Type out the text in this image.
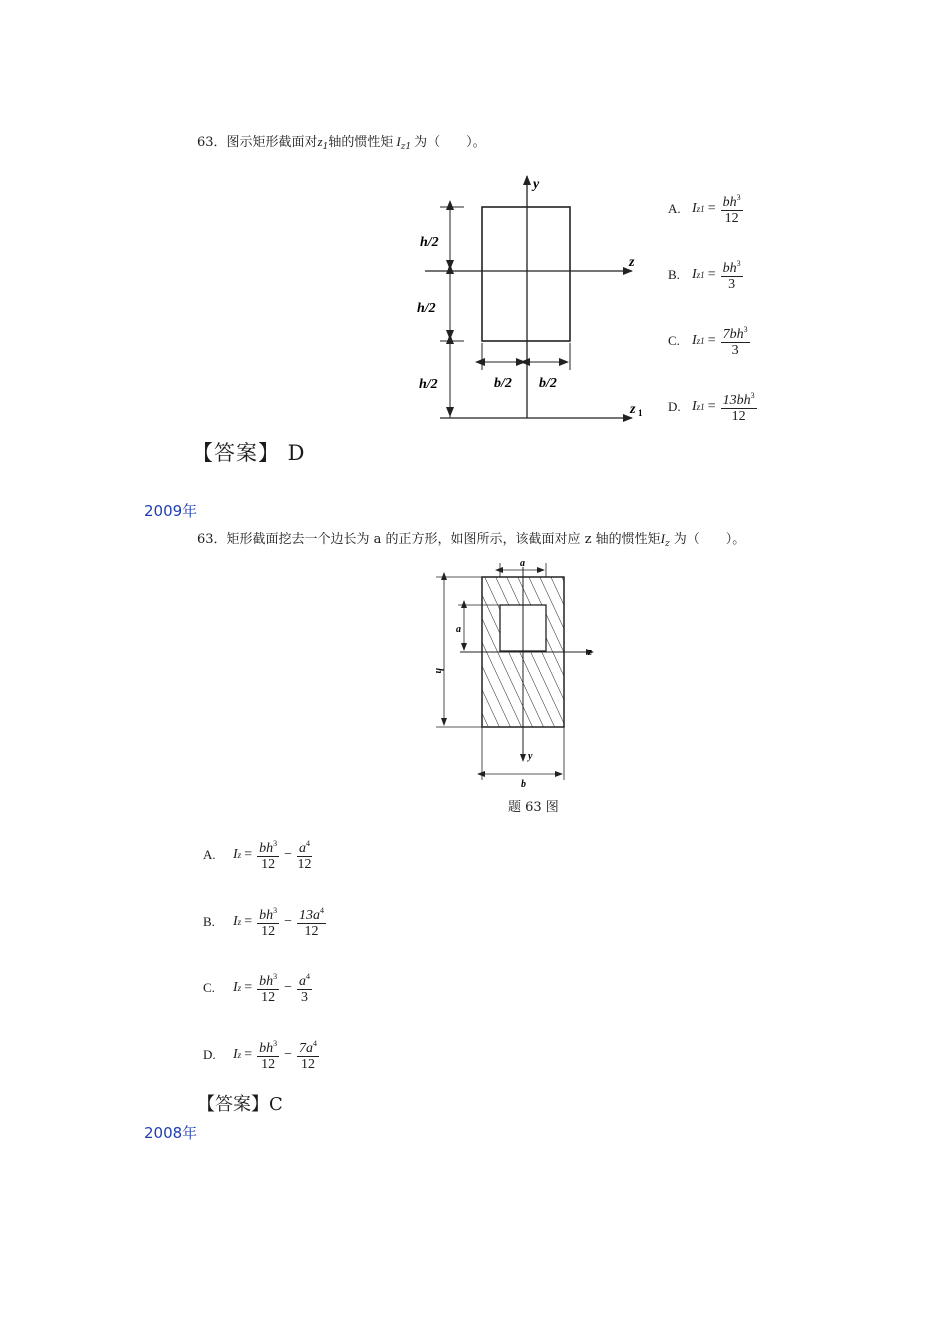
63．图示矩形截面对$z_1$轴的惯性矩 $I_{z1}$ 为（　　）。
y
z
z 1
h/2
h/2
h/2	b/2 b/2
A. I $z1 = \frac{bh^3}{12}$
B. I $z1 = \frac{bh^3}{3}$
C. I $z1 = \frac{7bh^3}{3}$
D. I $z1 = \frac{13bh^3}{12}$
【答案】 D
2009年
63．矩形截面挖去一个边长为 a 的正方形，如图所示，该截面对应 z 轴的惯性矩$I_z$ 为（　　）。
a
a
h
z
y
b
题 63 图
A.	I $z = \frac{bh^3}{12} - \frac{a^4}{12}$
B.	I $z = \frac{bh^3}{12} - \frac{13a^4}{12}$
C.	I $z = \frac{bh^3}{12} - \frac{a^4}{3}$
D.	I $z = \frac{bh^3}{12} - \frac{7a^4}{12}$
【答案】C
2008年
